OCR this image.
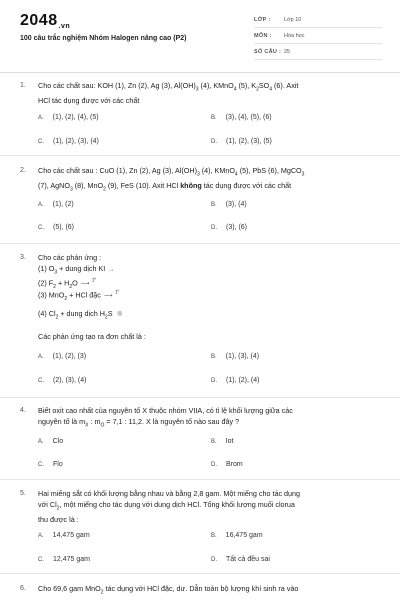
2048.vn
100 câu trắc nghiệm Nhóm Halogen nâng cao (P2)
LỚP : Lớp 10
MÔN : Hóa học
SỐ CÂU : 25
1. Cho các chất sau: KOH (1), Zn (2), Ag (3), $Al(OH)_3$ (4), KMnO$_4$ (5), $K_2SO_4$ (6). Axit
HCl tác dụng được với các chất
A. (1), (2), (4), (5)	B. (3), (4), (5), (6)
C. (1), (2), (3), (4)	D. (1), (2), (3), (5)
2. Cho các chất sau : CuO (1), Zn (2), Ag (3), $Al(OH)_3$ (4), KMnO$_4$ (5), PbS (6), MgCO$_3$
(7), AgNO$_3$ (8), MnO$_2$ (9), FeS (10). Axit HCl không tác dụng được với các chất
A. (1), (2)	B. (3), (4)
C. (5), (6)	D. (3), (6)
3. Cho các phản ứng :
(1) $O_3$ + dung dịch KI →
(2) $F_2 + H_2O$ ⟶$^{t^\circ}$
(3) MnO$_2$ + HCl đặc ⟶$^{t^\circ}$
(4) $Cl_2$ + dung dịch $H_2S$ ®
Các phản ứng tạo ra đơn chất là :
A. (1), (2), (3)	B. (1), (3), (4)
C. (2), (3), (4)	D. (1), (2), (4)
4. Biết oxit cao nhất của nguyên tố X thuộc nhóm VIIA, có tỉ lệ khối lượng giữa các
nguyên tố là $m_X$ : $m_O = 7,1$ : 11,2. X là nguyên tố nào sau đây ?
A. Clo	B. Iot
C. Flo	D. Brom
5. Hai miếng sắt có khối lượng bằng nhau và bằng 2,8 gam. Một miếng cho tác dụng
với $Cl_2$, một miếng cho tác dụng với dung dịch HCl. Tổng khối lượng muối clorua
thu được là :
A. 14,475 gam	B. 16,475 gam
C. 12,475 gam	D. Tất cả đều sai
6. Cho 69,6 gam MnO$_2$ tác dụng với HCl đặc, dư. Dẫn toàn bộ lượng khí sinh ra vào
